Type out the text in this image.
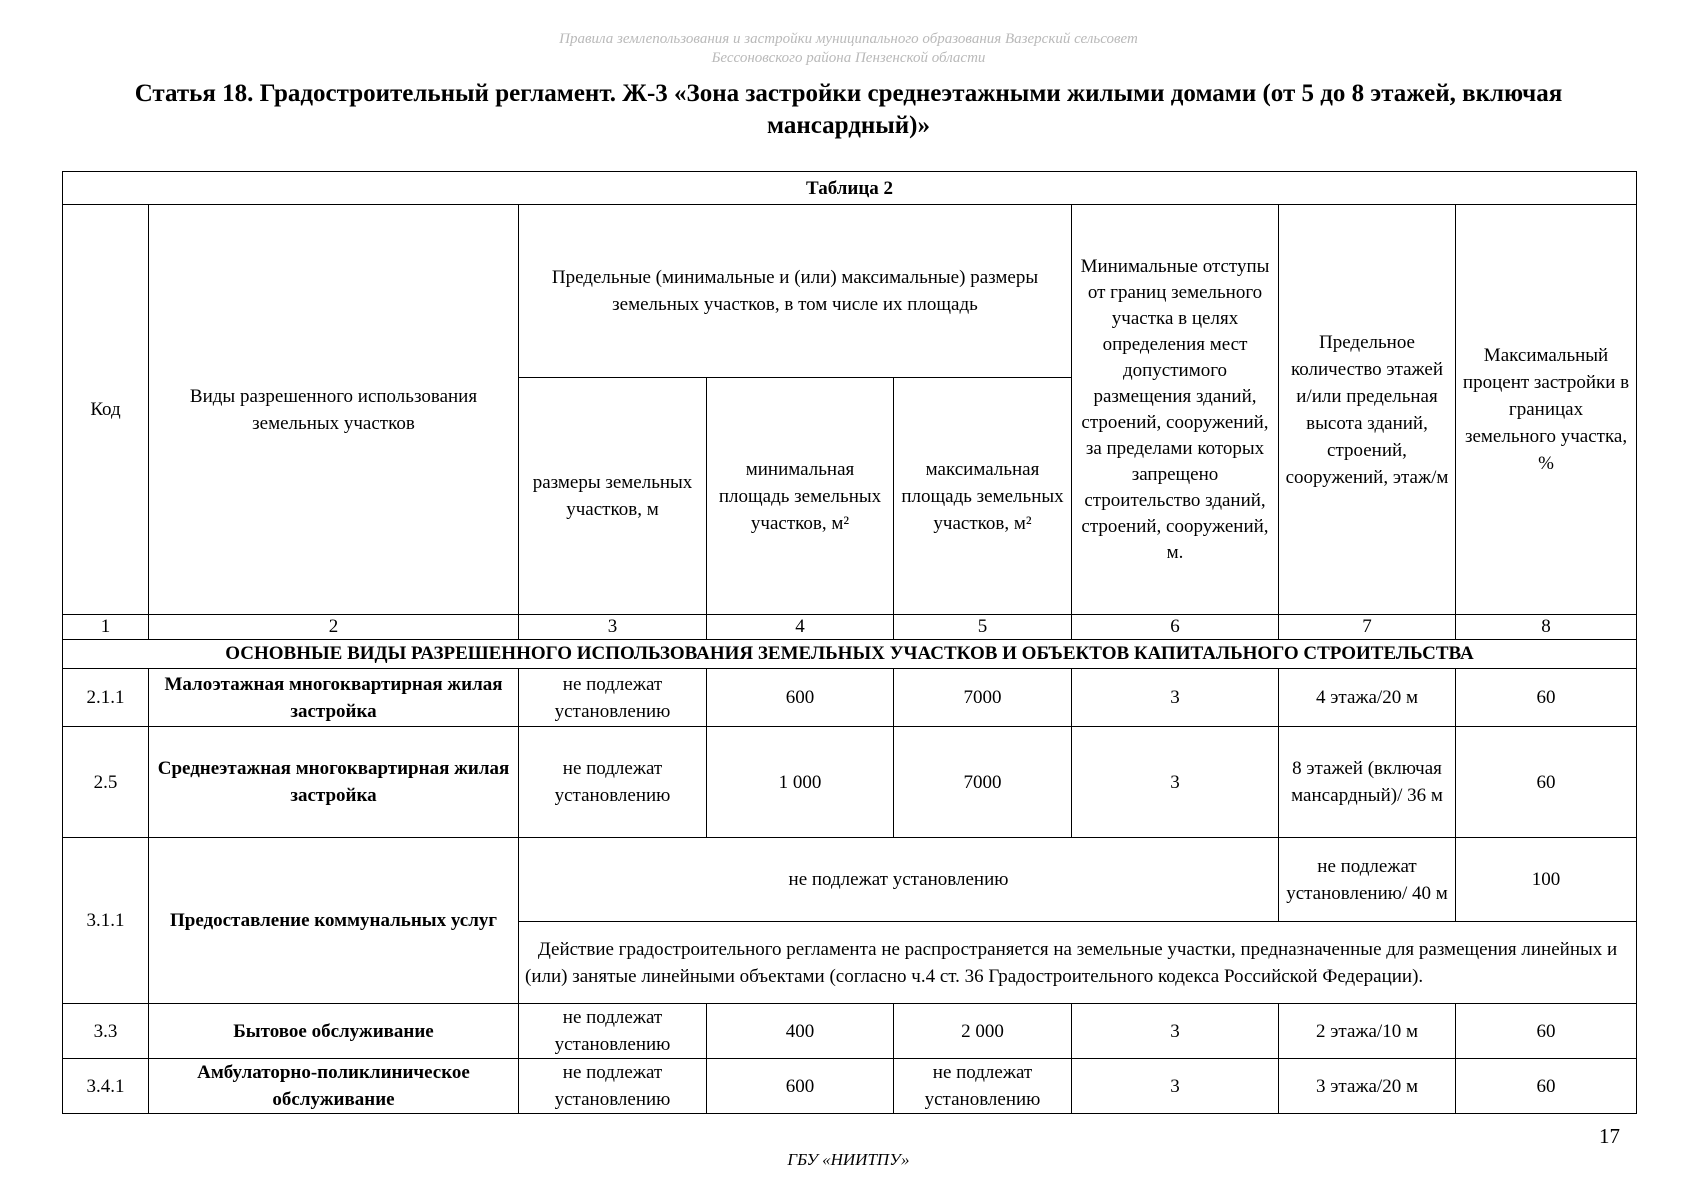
Правила землепользования и застройки муниципального образования Вазерский сельсовет
Бессоновского района Пензенской области
Статья 18. Градостроительный регламент. Ж-3 «Зона застройки среднеэтажными жилыми домами (от 5 до 8 этажей, включая мансардный)»
Таблица 2							
Код	Виды разрешенного использования земельных участков	Предельные (минимальные и (или) максимальные) размеры земельных участков, в том числе их площадь			Минимальные отступы от границ земельного участка в целях определения мест допустимого размещения зданий, строений, сооружений, за пределами которых запрещено строительство зданий, строений, сооружений, м.	Предельное количество этажей и/или предельная высота зданий, строений, сооружений, этаж/м	Максимальный процент застройки в границах земельного участка, %
		размеры земельных участков, м	минимальная площадь земельных участков, м²	максимальная площадь земельных участков, м²			
1	2	3	4	5	6	7	8
ОСНОВНЫЕ ВИДЫ РАЗРЕШЕННОГО ИСПОЛЬЗОВАНИЯ ЗЕМЕЛЬНЫХ УЧАСТКОВ И ОБЪЕКТОВ КАПИТАЛЬНОГО СТРОИТЕЛЬСТВА							
2.1.1	Малоэтажная многоквартирная жилая застройка	не подлежат установлению	600	7000	3	4 этажа/20 м	60
2.5	Среднеэтажная многоквартирная жилая застройка	не подлежат установлению	1 000	7000	3	8 этажей (включая мансардный)/ 36 м	60
3.1.1	Предоставление коммунальных услуг	не подлежат установлению				не подлежат установлению/ 40 м	100
		Действие градостроительного регламента не распространяется на земельные участки, предназначенные для размещения линейных и (или) занятые линейными объектами (согласно ч.4 ст. 36 Градостроительного кодекса Российской Федерации).					
3.3	Бытовое обслуживание	не подлежат установлению	400	2 000	3	2 этажа/10 м	60
3.4.1	Амбулаторно-поликлиническое обслуживание	не подлежат установлению	600	не подлежат установлению	3	3 этажа/20 м	60
17
ГБУ «НИИТПУ»
